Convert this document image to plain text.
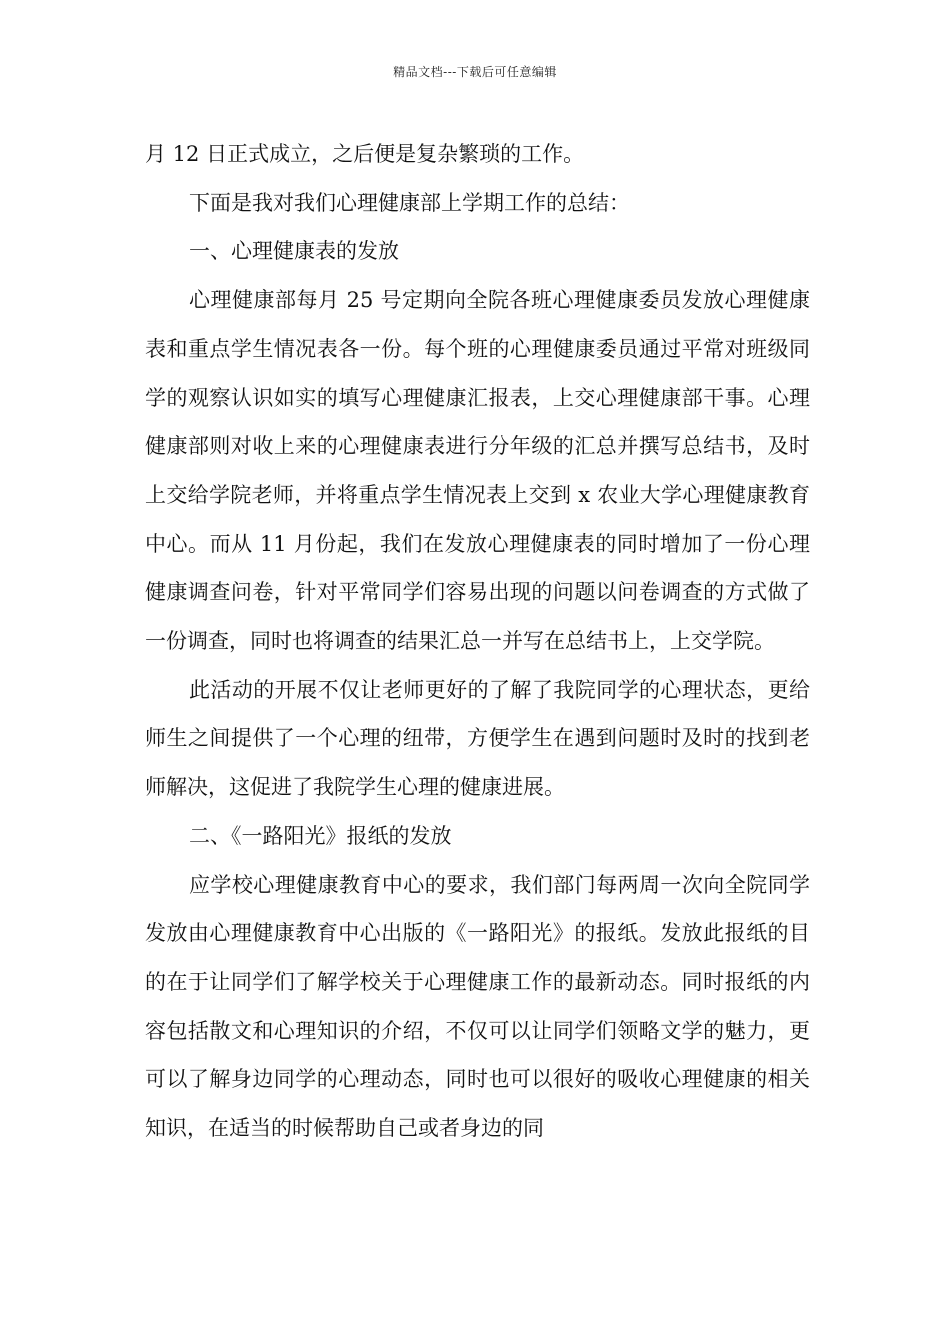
精品文档---下载后可任意编辑

月 12 日正式成立，之后便是复杂繁琐的工作。

下面是我对我们心理健康部上学期工作的总结：

一、心理健康表的发放

心理健康部每月 25 号定期向全院各班心理健康委员发放心理健康表和重点学生情况表各一份。每个班的心理健康委员通过平常对班级同学的观察认识如实的填写心理健康汇报表，上交心理健康部干事。心理健康部则对收上来的心理健康表进行分年级的汇总并撰写总结书，及时上交给学院老师，并将重点学生情况表上交到 x 农业大学心理健康教育中心。而从 11 月份起，我们在发放心理健康表的同时增加了一份心理健康调查问卷，针对平常同学们容易出现的问题以问卷调查的方式做了一份调查，同时也将调查的结果汇总一并写在总结书上，上交学院。

此活动的开展不仅让老师更好的了解了我院同学的心理状态，更给师生之间提供了一个心理的纽带，方便学生在遇到问题时及时的找到老师解决，这促进了我院学生心理的健康进展。

二、《一路阳光》报纸的发放

应学校心理健康教育中心的要求，我们部门每两周一次向全院同学发放由心理健康教育中心出版的《一路阳光》的报纸。发放此报纸的目的在于让同学们了解学校关于心理健康工作的最新动态。同时报纸的内容包括散文和心理知识的介绍，不仅可以让同学们领略文学的魅力，更可以了解身边同学的心理动态，同时也可以很好的吸收心理健康的相关知识，在适当的时候帮助自己或者身边的同
